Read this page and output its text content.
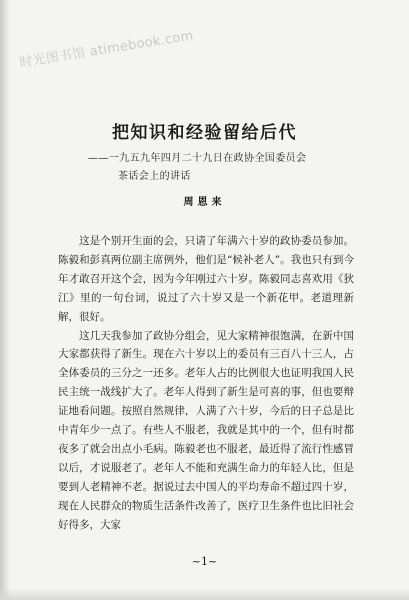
时光图书馆 atimebook.com
把知识和经验留给后代
——一九五九年四月二十九日在政协全国委员会
茶话会上的讲话
周恩来

这是个别开生面的会，只请了年满六十岁的政协委员参加。陈毅和彭真两位副主席例外，他们是“候补老人”。我也只有到今年才敢召开这个会，因为今年刚过六十岁。陈毅同志喜欢用《狄江》里的一句台词，说过了六十岁又是一个新花甲。老道理新解，很好。

这几天我参加了政协分组会，见大家精神很饱满，在新中国大家都获得了新生。现在六十岁以上的委员有三百八十三人，占全体委员的三分之一还多。老年人占的比例很大也证明我国人民民主统一战线扩大了。老年人得到了新生是可喜的事，但也要辩证地看问题。按照自然规律，人满了六十岁，今后的日子总是比中青年少一点了。有些人不服老，我就是其中的一个，但有时都夜多了就会出点小毛病。陈毅老也不服老，最近得了流行性感冒以后，才说服老了。老年人不能和充满生命力的年轻人比，但是要到人老精神不老。据说过去中国人的平均寿命不超过四十岁，现在人民群众的物质生活条件改善了，医疗卫生条件也比旧社会好得多，大家

~1~
